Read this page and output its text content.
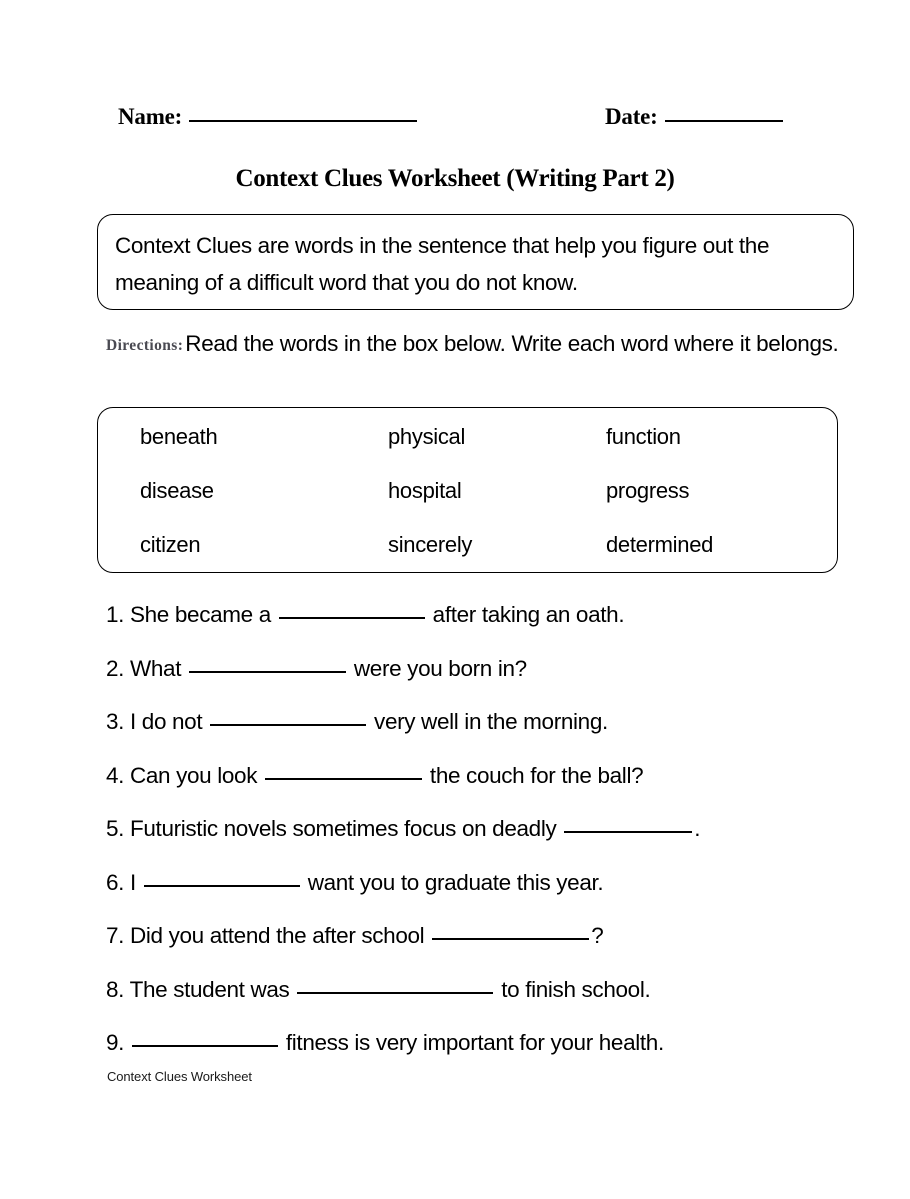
Name:	Date:
Context Clues Worksheet (Writing Part 2)
Context Clues are words in the sentence that help you figure out the meaning of a difficult word that you do not know.
Directions:Read the words in the box below. Write each word where it belongs.
beneath	physical	function
disease	hospital	progress
citizen	sincerely	determined
1. She became a	after taking an oath.
2. What	were you born in?
3. I do not	very well in the morning.
4. Can you look	the couch for the ball?
5. Futuristic novels sometimes focus on deadly	.
6. I	want you to graduate this year.
7. Did you attend the after school	?
8. The student was	to finish school.
9.	fitness is very important for your health.
Context Clues Worksheet
